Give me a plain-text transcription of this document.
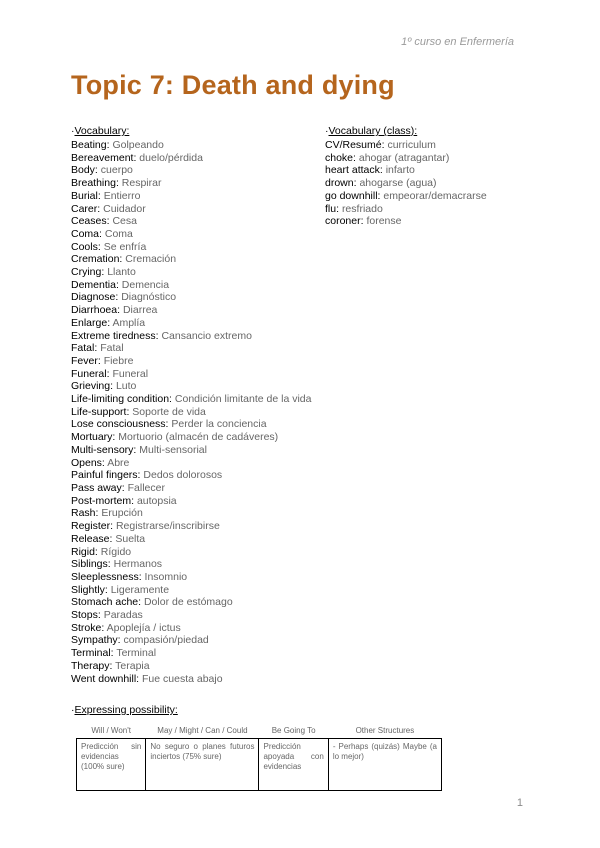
1º curso en Enfermería
Topic 7: Death and dying
·Vocabulary:
Beating: Golpeando
Bereavement: duelo/pérdida
Body: cuerpo
Breathing: Respirar
Burial: Entierro
Carer: Cuidador
Ceases: Cesa
Coma: Coma
Cools: Se enfría
Cremation: Cremación
Crying: Llanto
Dementia: Demencia
Diagnose: Diagnóstico
Diarrhoea: Diarrea
Enlarge: Amplía
Extreme tiredness: Cansancio extremo
Fatal: Fatal
Fever: Fiebre
Funeral: Funeral
Grieving: Luto
Life-limiting condition: Condición limitante de la vida
Life-support: Soporte de vida
Lose consciousness: Perder la conciencia
Mortuary: Mortuorio (almacén de cadáveres)
Multi-sensory: Multi-sensorial
Opens: Abre
Painful fingers: Dedos dolorosos
Pass away: Fallecer
Post-mortem: autopsia
Rash: Erupción
Register: Registrarse/inscribirse
Release: Suelta
Rigid: Rígido
Siblings: Hermanos
Sleeplessness: Insomnio
Slightly: Ligeramente
Stomach ache: Dolor de estómago
Stops: Paradas
Stroke: Apoplejía / ictus
Sympathy: compasión/piedad
Terminal: Terminal
Therapy: Terapia
Went downhill: Fue cuesta abajo
·Vocabulary (class):
CV/Resumé: curriculum
choke: ahogar (atragantar)
heart attack: infarto
drown: ahogarse (agua)
go downhill: empeorar/demacrarse
flu: resfriado
coroner: forense
·Expressing possibility:
Will / Won't	May / Might / Can / Could	Be Going To	Other Structures
Predicción sin evidencias (100% sure)	No seguro o planes futuros inciertos (75% sure)	Predicción apoyada con evidencias	- Perhaps (quizás) Maybe (a lo mejor)
1
